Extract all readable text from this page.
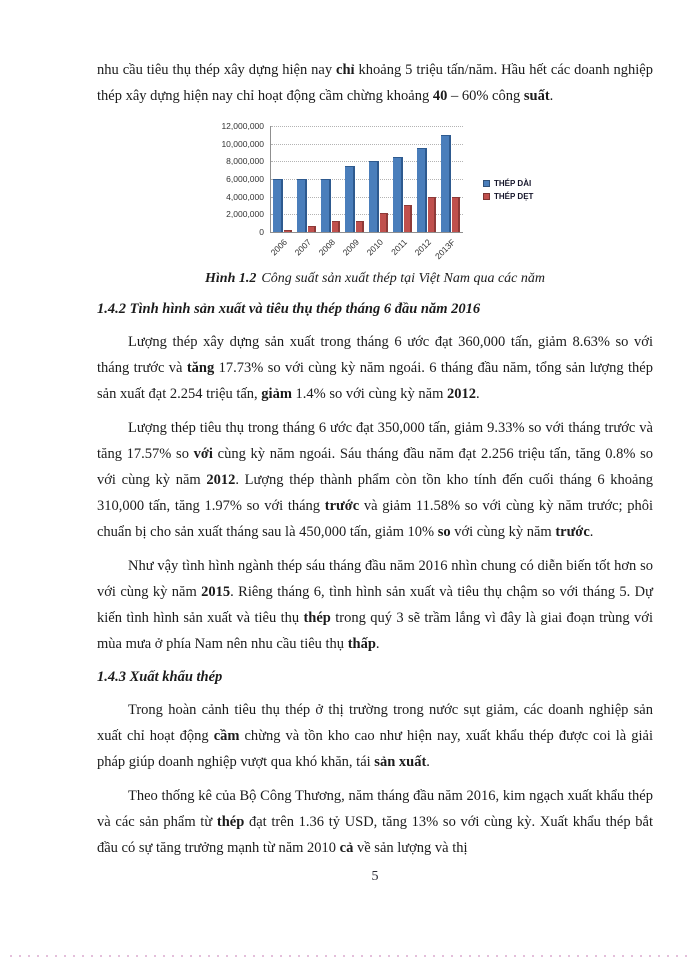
nhu cầu tiêu thụ thép xây dựng hiện nay chỉ khoảng 5 triệu tấn/năm. Hầu hết các doanh nghiệp thép xây dựng hiện nay chỉ hoạt động cầm chừng khoảng 40 – 60% công suất.

12,000,000
10,000,000
8,000,000
6,000,000
4,000,000
2,000,000
0
2006 2007 2008 2009 2010 2011 2012 2013F
THÉP DÀI
THÉP DẸT

Hình 1.2 Công suất sản xuất thép tại Việt Nam qua các năm

1.4.2 Tình hình sản xuất và tiêu thụ thép tháng 6 đầu năm 2016

Lượng thép xây dựng sản xuất trong tháng 6 ước đạt 360,000 tấn, giảm 8.63% so với tháng trước và tăng 17.73% so với cùng kỳ năm ngoái. 6 tháng đầu năm, tổng sản lượng thép sản xuất đạt 2.254 triệu tấn, giảm 1.4% so với cùng kỳ năm 2012.

Lượng thép tiêu thụ trong tháng 6 ước đạt 350,000 tấn, giảm 9.33% so với tháng trước và tăng 17.57% so với cùng kỳ năm ngoái. Sáu tháng đầu năm đạt 2.256 triệu tấn, tăng 0.8% so với cùng kỳ năm 2012. Lượng thép thành phẩm còn tồn kho tính đến cuối tháng 6 khoảng 310,000 tấn, tăng 1.97% so với tháng trước và giảm 11.58% so với cùng kỳ năm trước; phôi chuẩn bị cho sản xuất tháng sau là 450,000 tấn, giảm 10% so với cùng kỳ năm trước.

Như vậy tình hình ngành thép sáu tháng đầu năm 2016 nhìn chung có diễn biến tốt hơn so với cùng kỳ năm 2015. Riêng tháng 6, tình hình sản xuất và tiêu thụ chậm so với tháng 5. Dự kiến tình hình sản xuất và tiêu thụ thép trong quý 3 sẽ trầm lắng vì đây là giai đoạn trùng với mùa mưa ở phía Nam nên nhu cầu tiêu thụ thấp.

1.4.3 Xuất khẩu thép

Trong hoàn cảnh tiêu thụ thép ở thị trường trong nước sụt giảm, các doanh nghiệp sản xuất chỉ hoạt động cầm chừng và tồn kho cao như hiện nay, xuất khẩu thép được coi là giải pháp giúp doanh nghiệp vượt qua khó khăn, tái sản xuất.

Theo thống kê của Bộ Công Thương, năm tháng đầu năm 2016, kim ngạch xuất khẩu thép và các sản phẩm từ thép đạt trên 1.36 tỷ USD, tăng 13% so với cùng kỳ. Xuất khẩu thép bắt đầu có sự tăng trưởng mạnh từ năm 2010 cả về sản lượng và thị

5
